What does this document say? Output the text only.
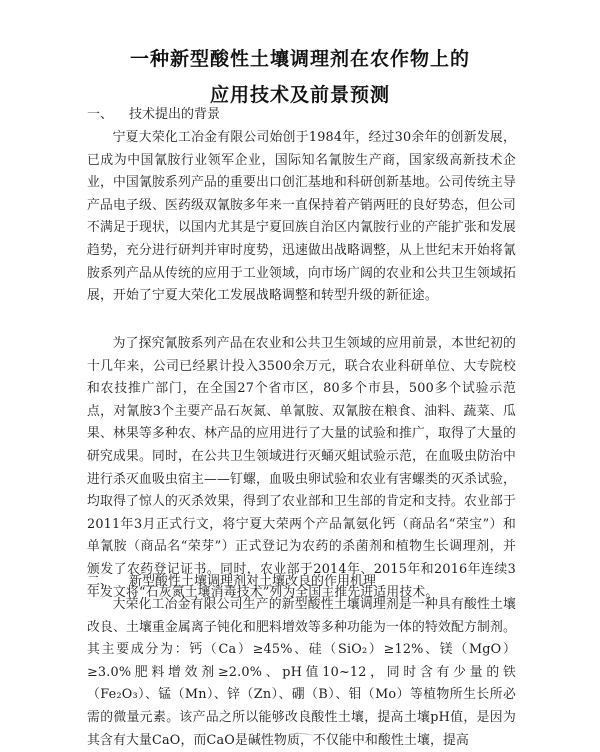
一种新型酸性土壤调理剂在农作物上的
应用技术及前景预测
一、 技术提出的背景

宁夏大荣化工冶金有限公司始创于1984年，经过30余年的创新发展，已成为中国氰胺行业领军企业，国际知名氰胺生产商，国家级高新技术企业，中国氰胺系列产品的重要出口创汇基地和科研创新基地。公司传统主导产品电子级、医药级双氰胺多年来一直保持着产销两旺的良好势态，但公司不满足于现状，以国内尤其是宁夏回族自治区内氰胺行业的产能扩张和发展趋势，充分进行研判并审时度势，迅速做出战略调整，从上世纪末开始将氰胺系列产品从传统的应用于工业领域，向市场广阔的农业和公共卫生领域拓展，开始了宁夏大荣化工发展战略调整和转型升级的新征途。

为了探究氰胺系列产品在农业和公共卫生领域的应用前景，本世纪初的十几年来，公司已经累计投入3500余万元，联合农业科研单位、大专院校和农技推广部门，在全国27个省市区，80多个市县，500多个试验示范点，对氰胺3个主要产品石灰氮、单氰胺、双氰胺在粮食、油料、蔬菜、瓜果、林果等多种农、林产品的应用进行了大量的试验和推广，取得了大量的研究成果。同时，在公共卫生领域进行灭蛹灭蛆试验示范，在血吸虫防治中进行杀灭血吸虫宿主——钉螺，血吸虫卵试验和农业有害螺类的灭杀试验，均取得了惊人的灭杀效果，得到了农业部和卫生部的肯定和支持。农业部于2011年3月正式行文，将宁夏大荣两个产品氰氨化钙（商品名“荣宝”）和单氰胺（商品名“荣芽”）正式登记为农药的杀菌剂和植物生长调理剂，并颁发了农药登记证书。同时，农业部于2014年、2015年和2016年连续3年发文将“石灰氮土壤消毒技术”列为全国主推先进适用技术。

二、 新型酸性土壤调理剂对土壤改良的作用机理

大荣化工冶金有限公司生产的新型酸性土壤调理剂是一种具有酸性土壤改良、土壤重金属离子钝化和肥料增效等多种功能为一体的特效配方制剂。其主要成分为：钙（Ca）≥45%、硅（SiO₂）≥12%、镁（MgO）≥3.0%肥料增效剂≥2.0%、pH值10~12，同时含有少量的铁（Fe₂O₃）、锰（Mn）、锌（Zn）、硼（B）、钼（Mo）等植物所生长所必需的微量元素。该产品之所以能够改良酸性土壤，提高土壤pH值，是因为其含有大量CaO，而CaO是碱性物质，不仅能中和酸性土壤，提高
